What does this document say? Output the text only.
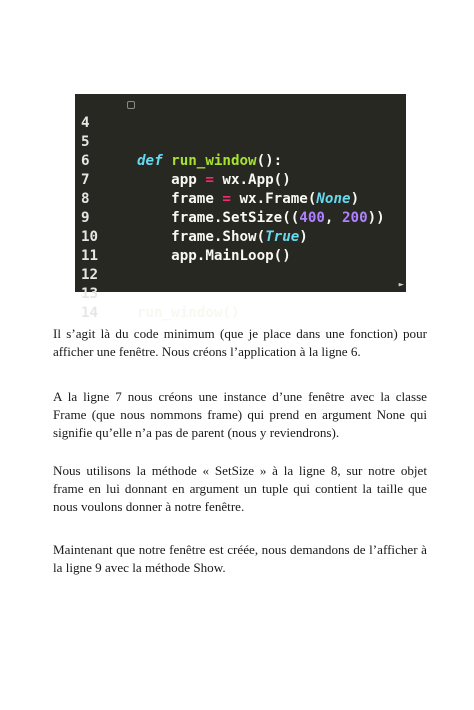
4

def run_window():

5

6

app = wx.App()

7

frame = wx.Frame(None)

8

frame.SetSize((400, 200))

9

frame.Show(True)

10

app.MainLoop()

11

12

13

run_window()

14

►

Il s’agit là du code minimum (que je place dans une fonction) pour afficher une fenêtre. Nous créons l’application à la ligne 6.

A la ligne 7 nous créons une instance d’une fenêtre avec la classe Frame (que nous nommons frame) qui prend en argument None qui signifie qu’elle n’a pas de parent (nous y reviendrons).

Nous utilisons la méthode « SetSize » à la ligne 8, sur notre objet frame en lui donnant en argument un tuple qui contient la taille que nous voulons donner à notre fenêtre.

Maintenant que notre fenêtre est créée, nous demandons de l’afficher à la ligne 9 avec la méthode Show.
